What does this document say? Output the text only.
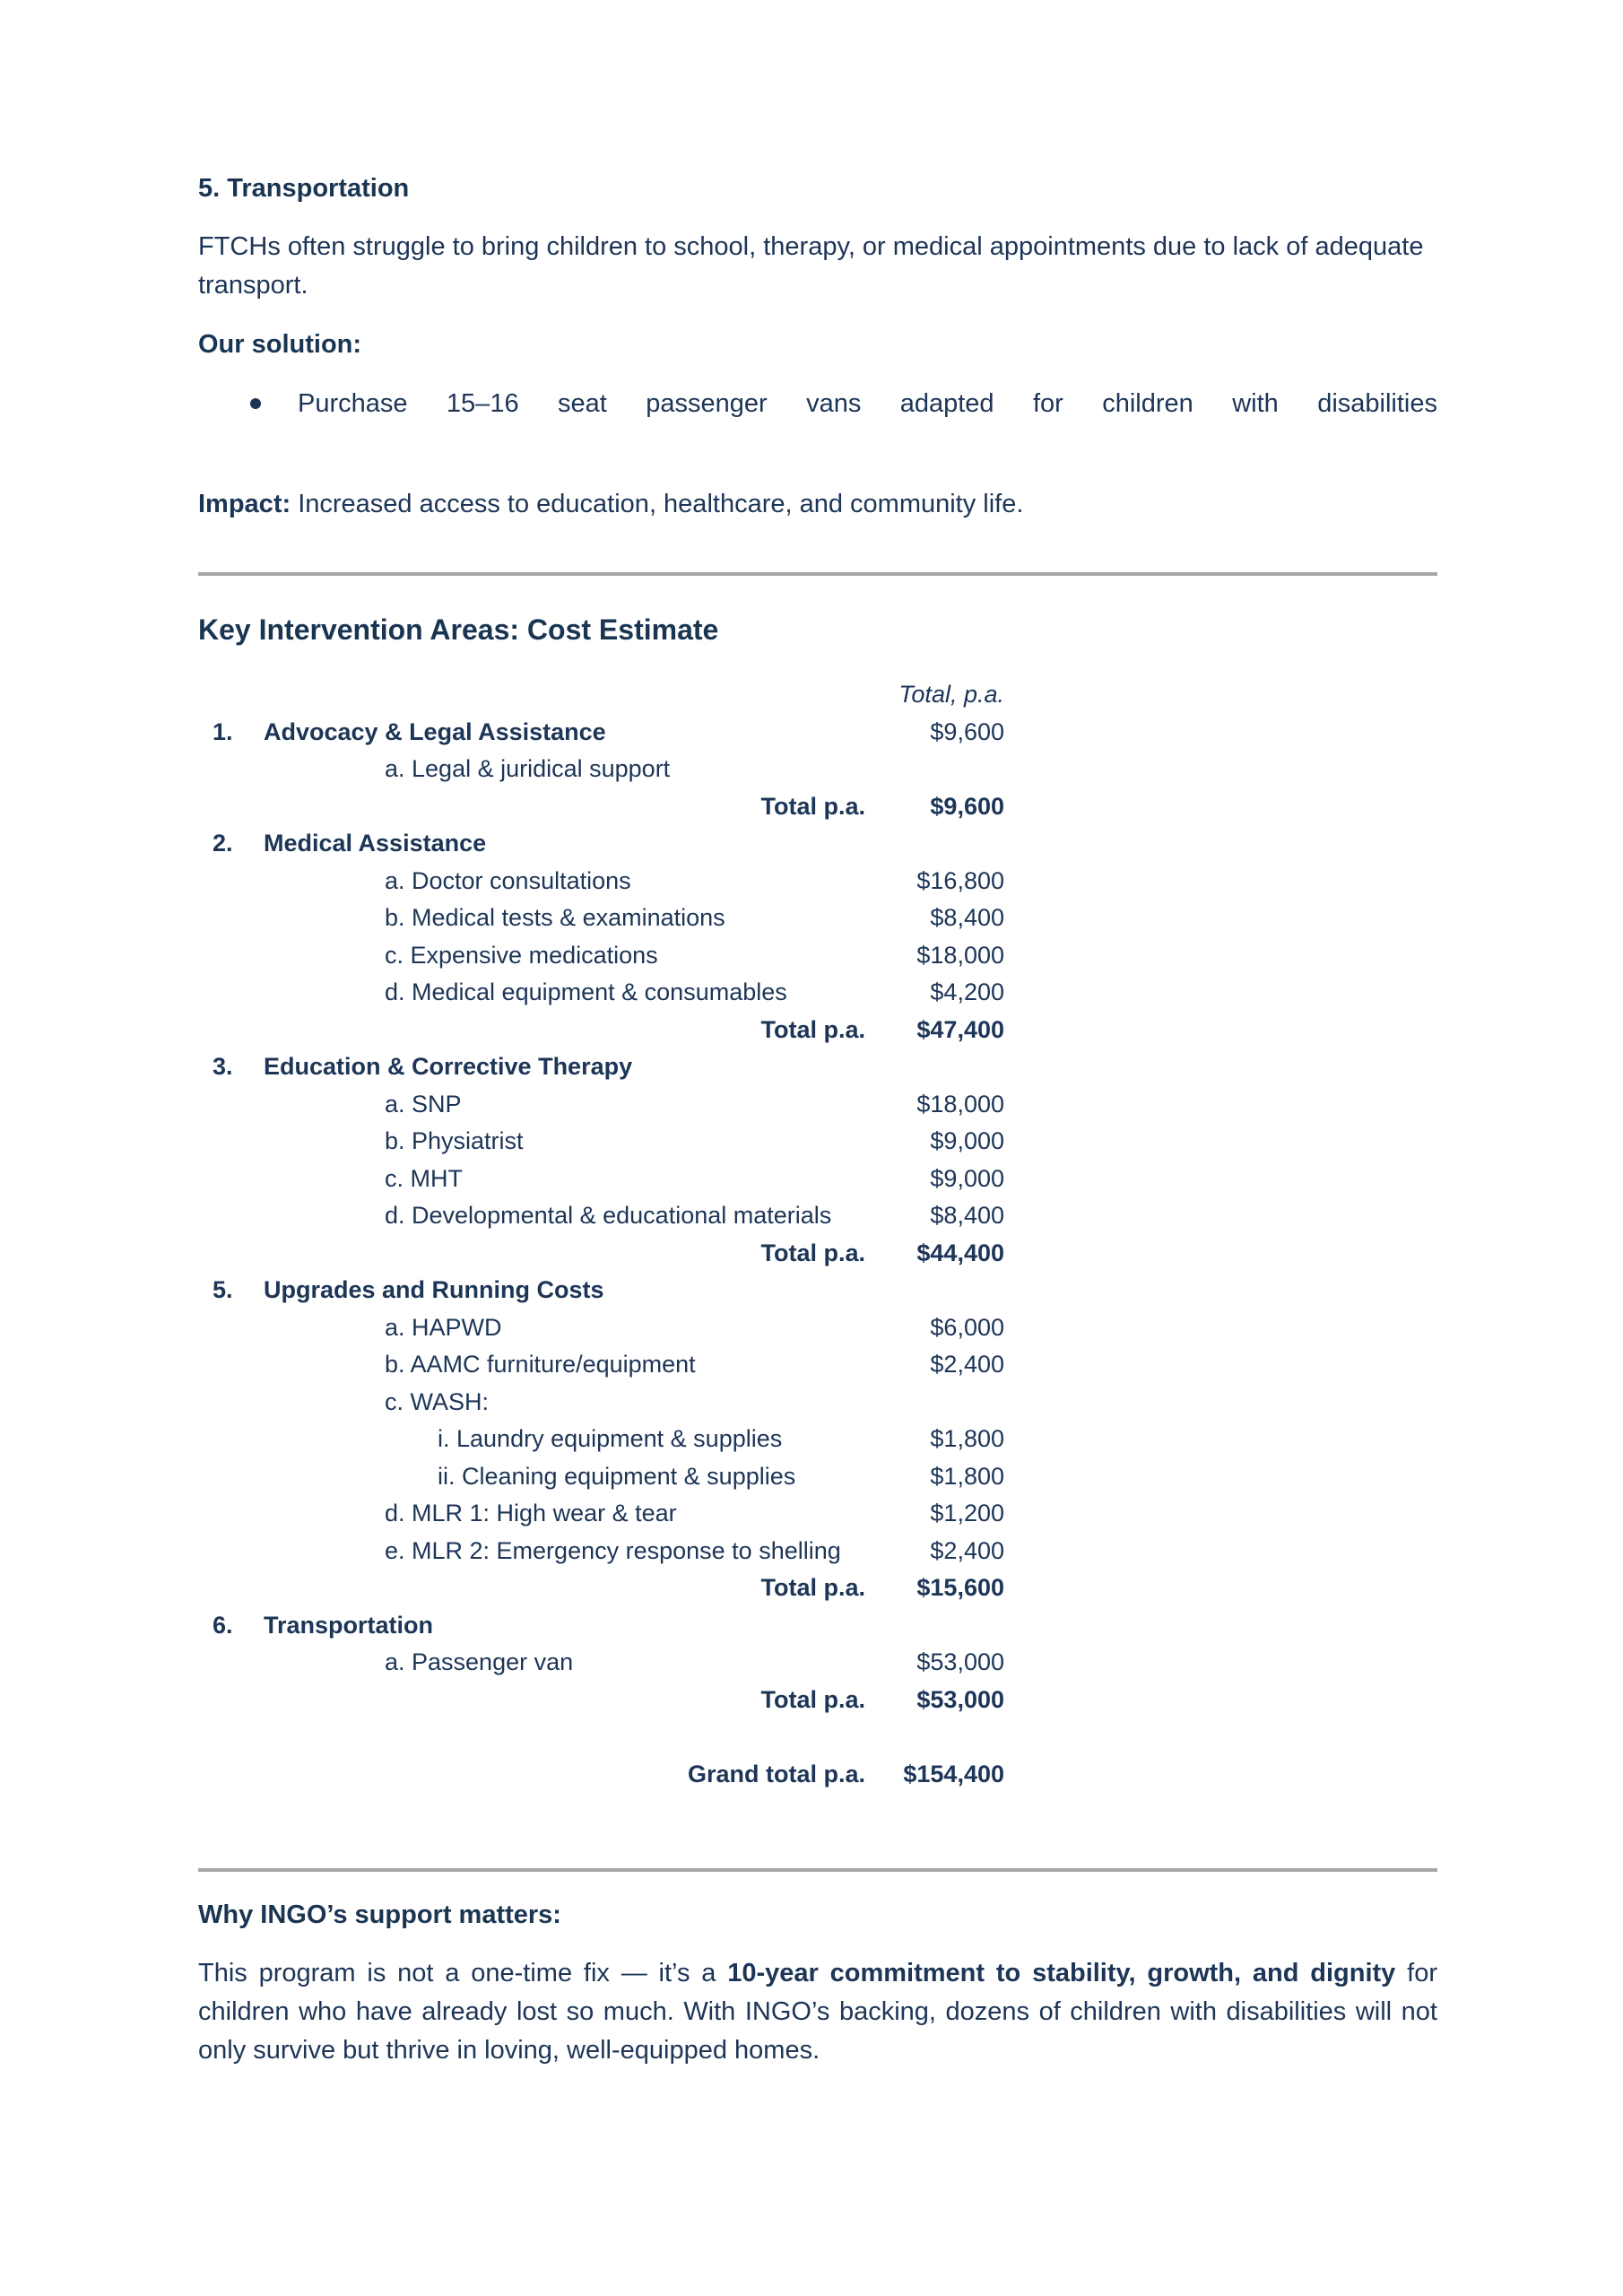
5. Transportation

FTCHs often struggle to bring children to school, therapy, or medical appointments due to lack of adequate transport.

Our solution:
Purchase 15–16 seat passenger vans adapted for children with disabilities
Impact: Increased access to education, healthcare, and community life.
Key Intervention Areas: Cost Estimate
Total, p.a.
1. Advocacy & Legal Assistance	$9,600
a. Legal & juridical support
Total p.a.	$9,600
2. Medical Assistance
a. Doctor consultations	$16,800
b. Medical tests & examinations	$8,400
c. Expensive medications	$18,000
d. Medical equipment & consumables	$4,200
Total p.a. $47,400
3. Education & Corrective Therapy
a. SNP	$18,000
b. Physiatrist	$9,000
c. MHT	$9,000
d. Developmental & educational materials	$8,400
Total p.a. $44,400
5. Upgrades and Running Costs
a. HAPWD	$6,000
b. AAMC furniture/equipment	$2,400
c. WASH:
i. Laundry equipment & supplies	$1,800
ii. Cleaning equipment & supplies	$1,800
d. MLR 1: High wear & tear	$1,200
e. MLR 2: Emergency response to shelling	$2,400
Total p.a. $15,600
6. Transportation
a. Passenger van	$53,000
Total p.a. $53,000
Grand total p.a. $154,400
Why INGO’s support matters:

This program is not a one-time fix — it’s a 10-year commitment to stability, growth, and dignity for children who have already lost so much. With INGO’s backing, dozens of children with disabilities will not only survive but thrive in loving, well-equipped homes.
